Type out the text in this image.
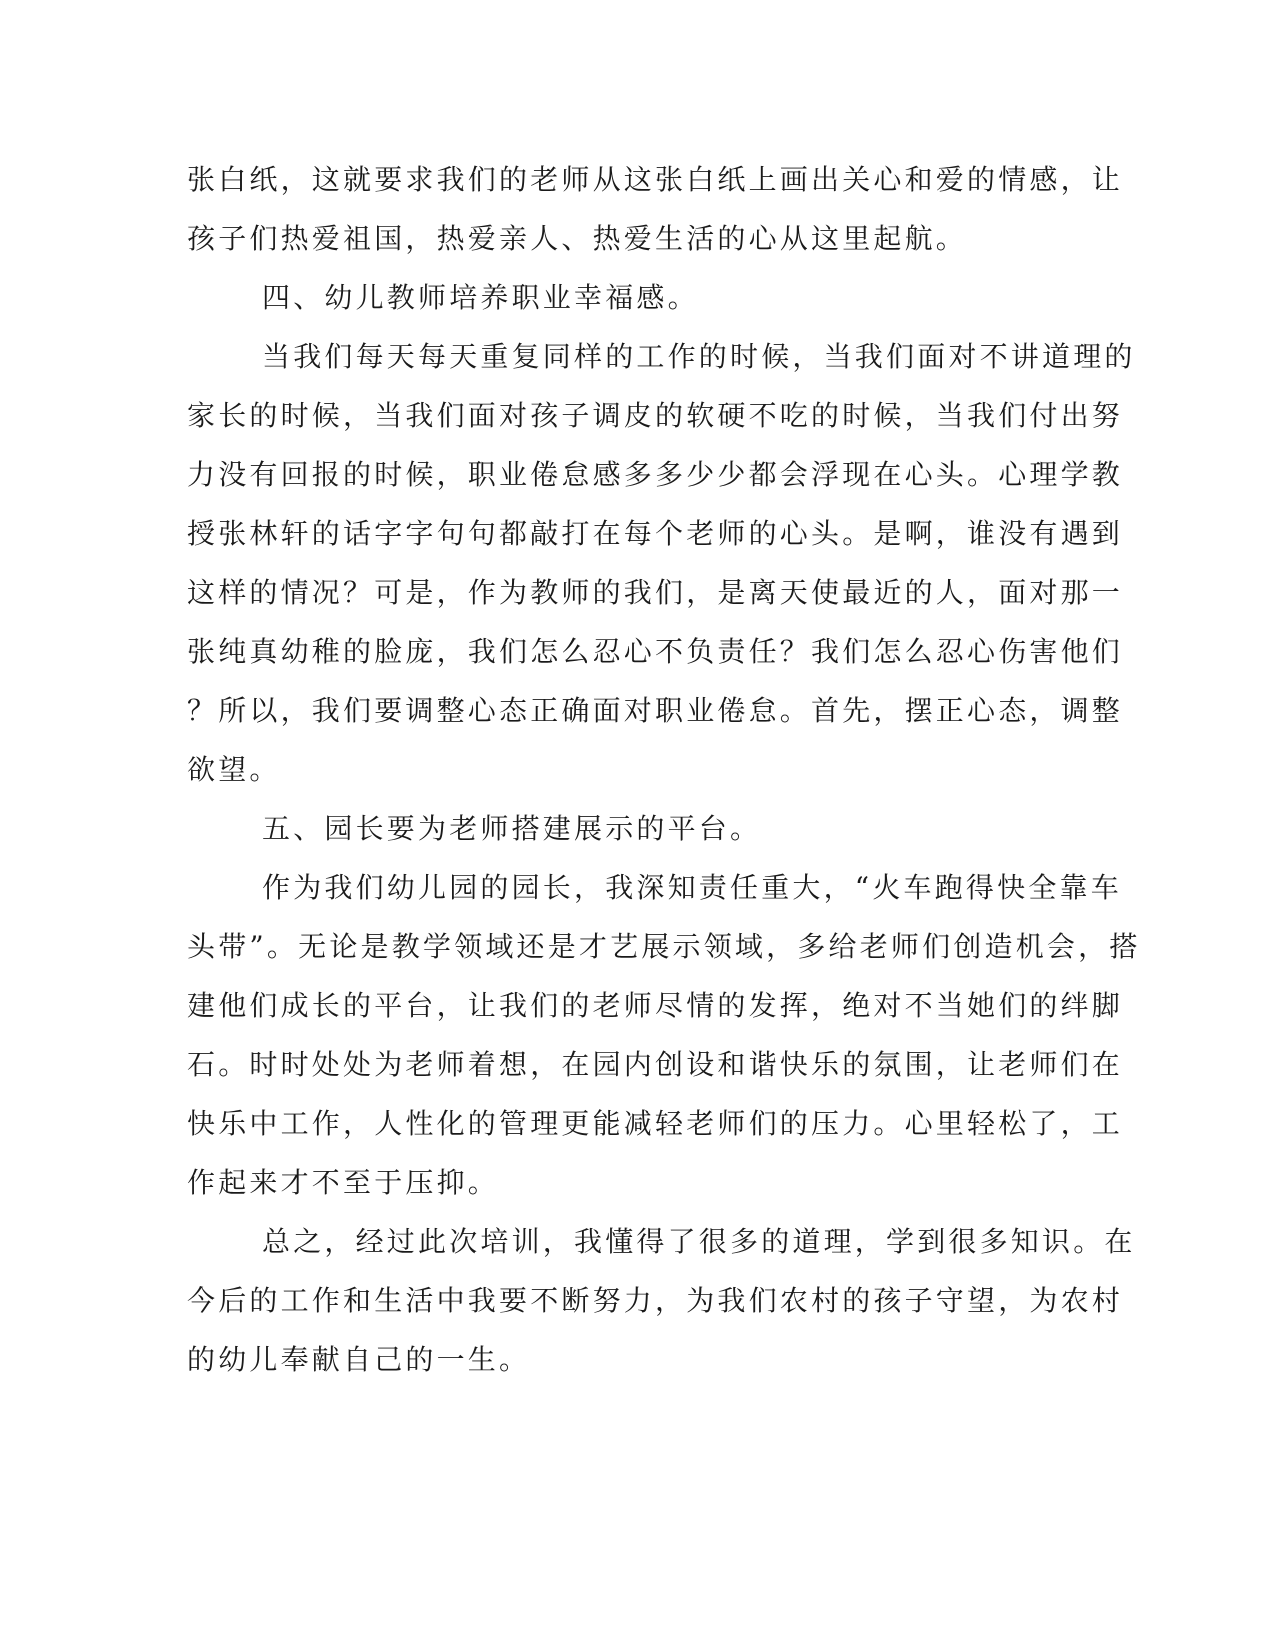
张白纸，这就要求我们的老师从这张白纸上画出关心和爱的情感，让

孩子们热爱祖国，热爱亲人、热爱生活的心从这里起航。

四、幼儿教师培养职业幸福感。

当我们每天每天重复同样的工作的时候，当我们面对不讲道理的

家长的时候，当我们面对孩子调皮的软硬不吃的时候，当我们付出努

力没有回报的时候，职业倦怠感多多少少都会浮现在心头。心理学教

授张林轩的话字字句句都敲打在每个老师的心头。是啊，谁没有遇到

这样的情况？可是，作为教师的我们，是离天使最近的人，面对那一

张纯真幼稚的脸庞，我们怎么忍心不负责任？我们怎么忍心伤害他们

？所以，我们要调整心态正确面对职业倦怠。首先，摆正心态，调整

欲望。

五、园长要为老师搭建展示的平台。

作为我们幼儿园的园长，我深知责任重大，“火车跑得快全靠车

头带”。无论是教学领域还是才艺展示领域，多给老师们创造机会，搭

建他们成长的平台，让我们的老师尽情的发挥，绝对不当她们的绊脚

石。时时处处为老师着想，在园内创设和谐快乐的氛围，让老师们在

快乐中工作，人性化的管理更能减轻老师们的压力。心里轻松了，工

作起来才不至于压抑。

总之，经过此次培训，我懂得了很多的道理，学到很多知识。在

今后的工作和生活中我要不断努力，为我们农村的孩子守望，为农村

的幼儿奉献自己的一生。
